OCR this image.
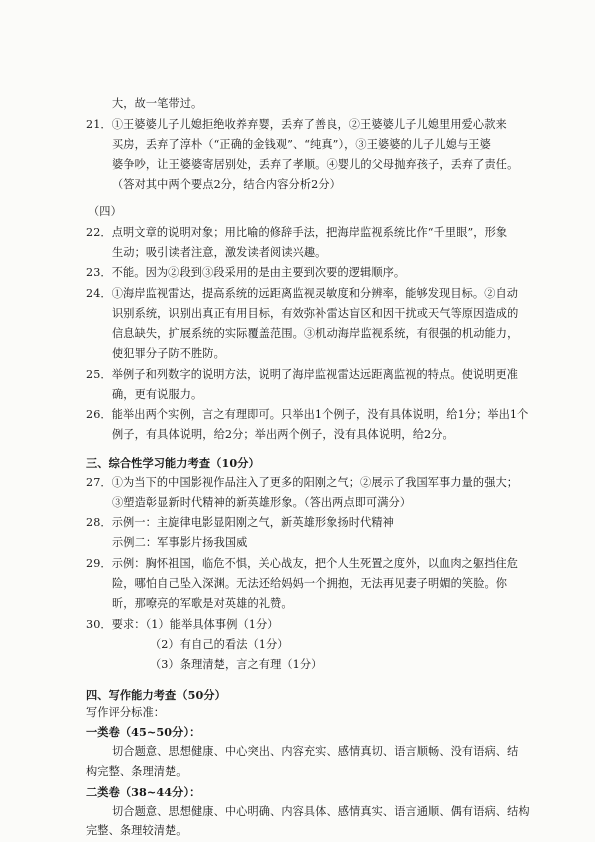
大，故一笔带过。
21．①王婆婆儿子儿媳拒绝收养弃婴，丢弃了善良，②王婆婆儿子儿媳里用爱心款来
买房，丢弃了淳朴（“正确的金钱观”、“纯真”），③王婆婆的儿子儿媳与王婆
婆争吵，让王婆婆寄居别处，丢弃了孝顺。④婴儿的父母抛弃孩子，丢弃了责任。
（答对其中两个要点2分，结合内容分析2分）
（四）
22．点明文章的说明对象；用比喻的修辞手法，把海岸监视系统比作“千里眼”，形象
生动；吸引读者注意，激发读者阅读兴趣。
23．不能。因为②段到③段采用的是由主要到次要的逻辑顺序。
24．①海岸监视雷达，提高系统的远距离监视灵敏度和分辨率，能够发现目标。②自动
识别系统，识别出真正有用目标，有效弥补雷达盲区和因干扰或天气等原因造成的
信息缺失，扩展系统的实际覆盖范围。③机动海岸监视系统，有很强的机动能力，
使犯罪分子防不胜防。
25．举例子和列数字的说明方法，说明了海岸监视雷达远距离监视的特点。使说明更准
确，更有说服力。
26．能举出两个实例，言之有理即可。只举出1个例子，没有具体说明，给1分；举出1个
例子，有具体说明，给2分；举出两个例子，没有具体说明，给2分。
三、综合性学习能力考查（10分）
27．①为当下的中国影视作品注入了更多的阳刚之气；②展示了我国军事力量的强大；
③塑造彰显新时代精神的新英雄形象。（答出两点即可满分）
28．示例一：主旋律电影显阳刚之气，新英雄形象扬时代精神
示例二：军事影片扬我国威
29．示例：胸怀祖国，临危不惧，关心战友，把个人生死置之度外，以血肉之躯挡住危
险，哪怕自己坠入深渊。无法还给妈妈一个拥抱，无法再见妻子明媚的笑脸。你
昕，那嘹亮的军歌是对英雄的礼赞。
30．要求：（1）能举具体事例（1分）
（2）有自己的看法（1分）
（3）条理清楚，言之有理（1分）
四、写作能力考查（50分）
写作评分标准：
一类卷（45~50分）：
切合题意、思想健康、中心突出、内容充实、感情真切、语言顺畅、没有语病、结
构完整、条理清楚。
二类卷（38~44分）：
切合题意、思想健康、中心明确、内容具体、感情真实、语言通顺、偶有语病、结构
完整、条理较清楚。
